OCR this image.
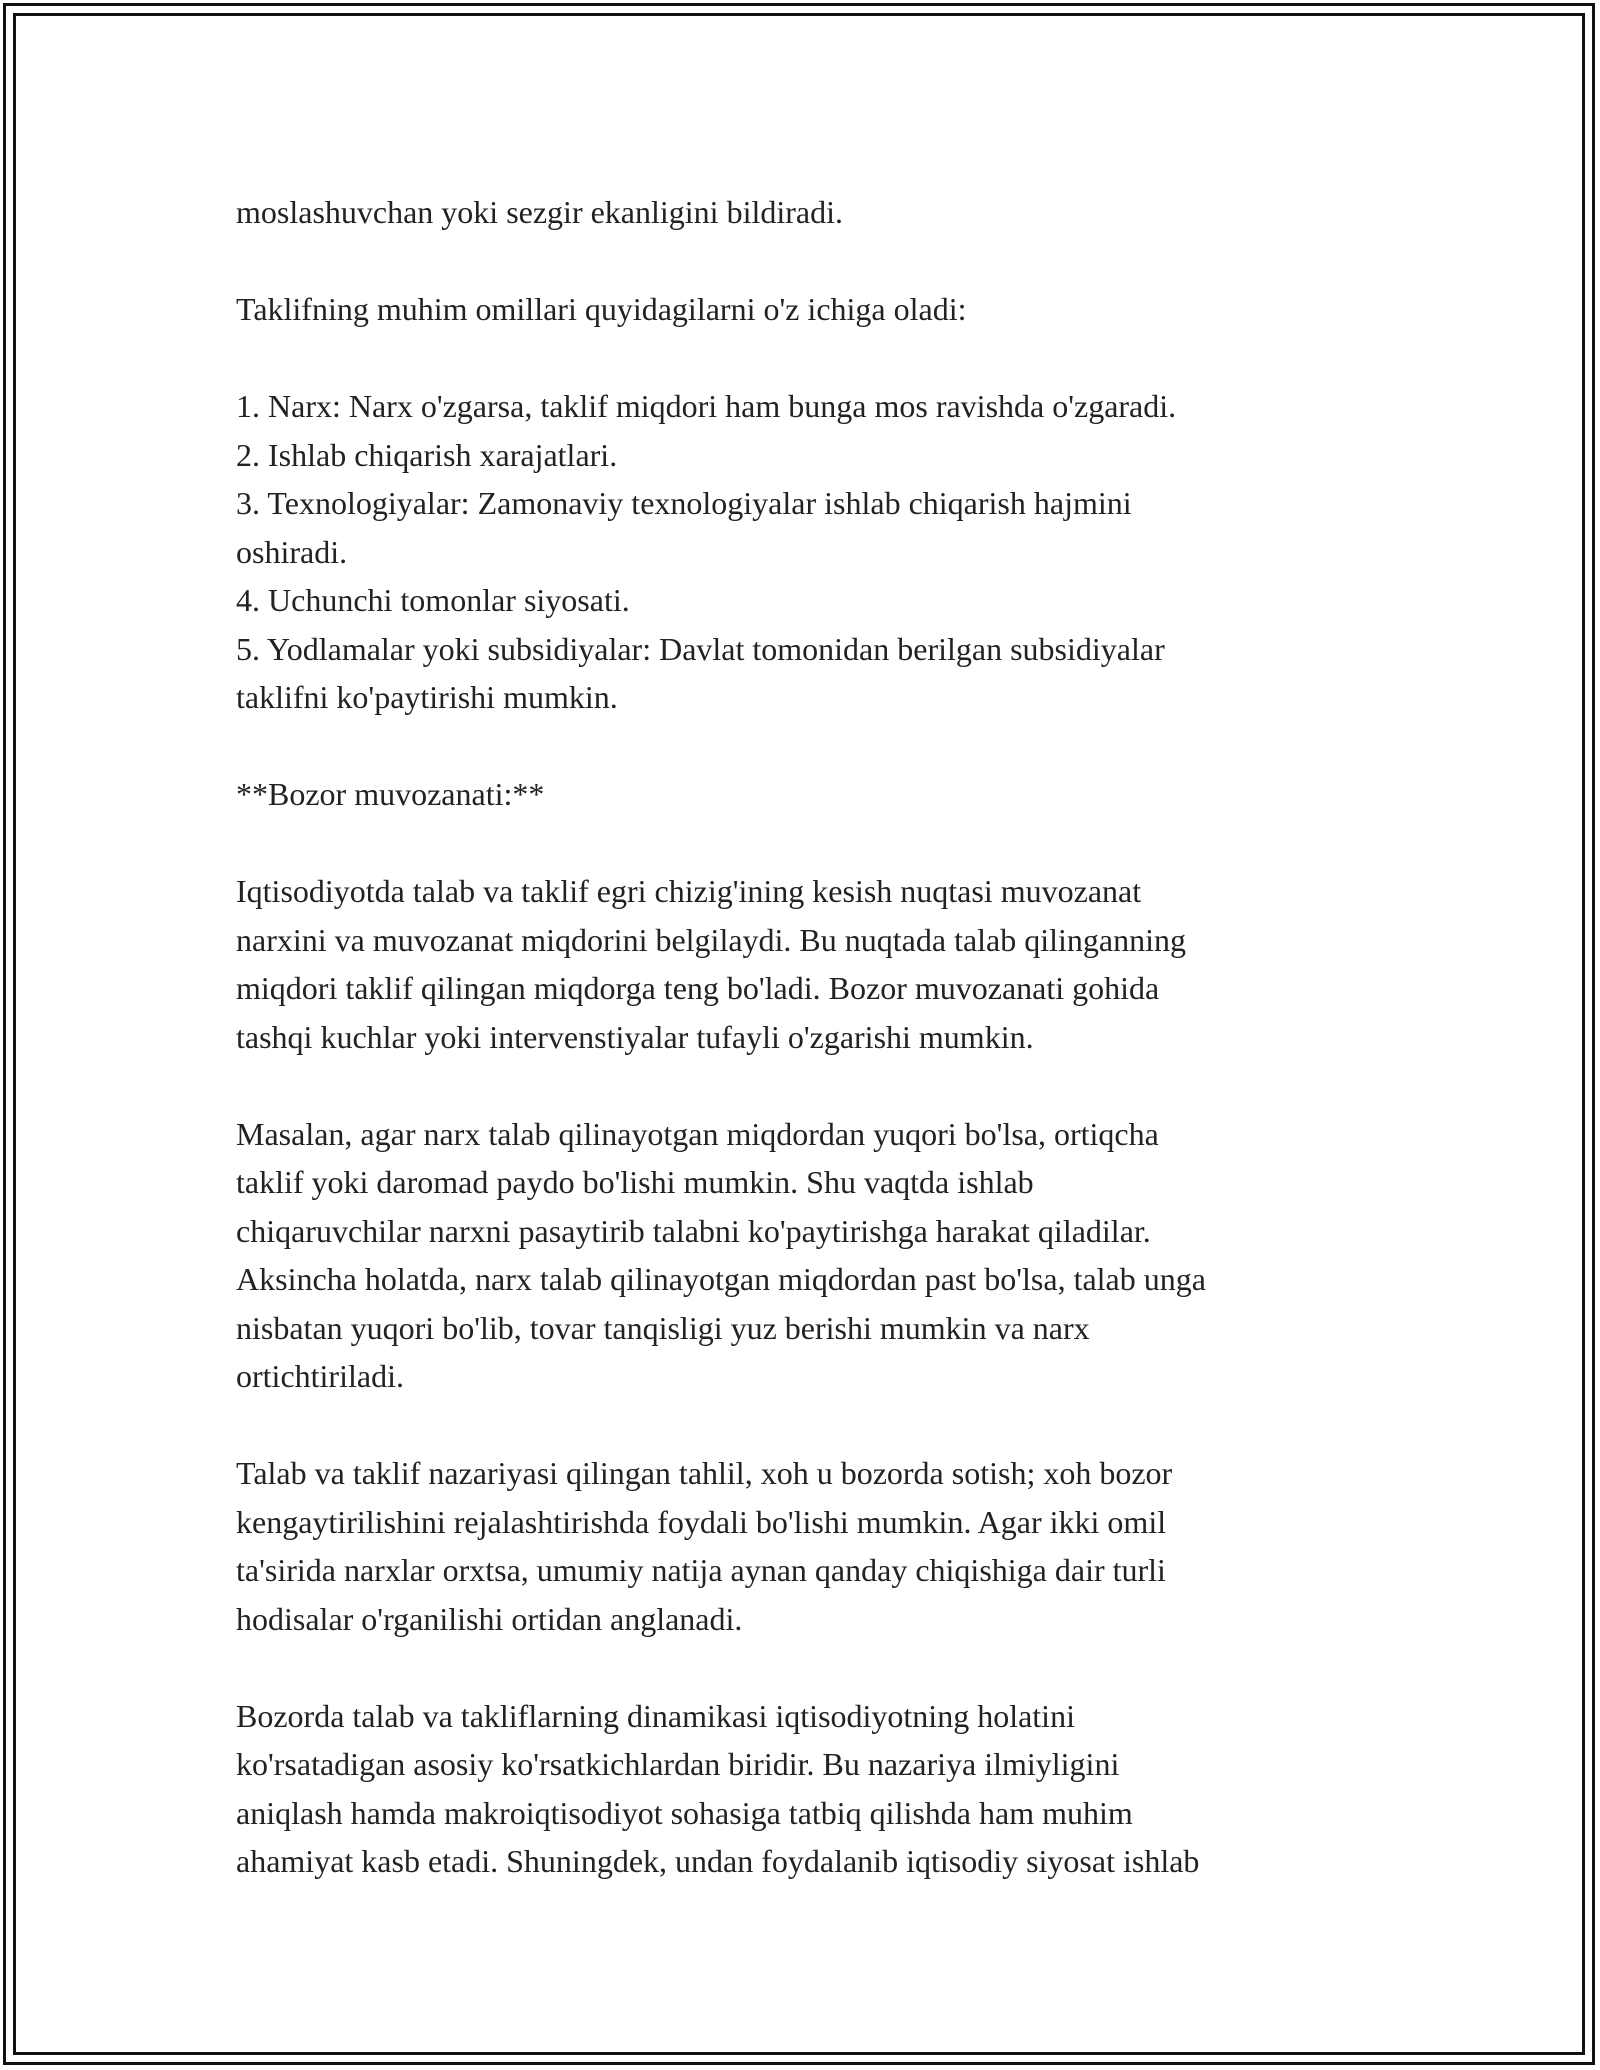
moslashuvchan yoki sezgir ekanligini bildiradi.
Taklifning muhim omillari quyidagilarni o'z ichiga oladi:
1. Narx: Narx o'zgarsa, taklif miqdori ham bunga mos ravishda o'zgaradi.
2. Ishlab chiqarish xarajatlari.
3. Texnologiyalar: Zamonaviy texnologiyalar ishlab chiqarish hajmini
oshiradi.
4. Uchunchi tomonlar siyosati.
5. Yodlamalar yoki subsidiyalar: Davlat tomonidan berilgan subsidiyalar
taklifni ko'paytirishi mumkin.
**Bozor muvozanati:**
Iqtisodiyotda talab va taklif egri chizig'ining kesish nuqtasi muvozanat
narxini va muvozanat miqdorini belgilaydi. Bu nuqtada talab qilinganning
miqdori taklif qilingan miqdorga teng bo'ladi. Bozor muvozanati gohida
tashqi kuchlar yoki intervenstiyalar tufayli o'zgarishi mumkin.
Masalan, agar narx talab qilinayotgan miqdordan yuqori bo'lsa, ortiqcha
taklif yoki daromad paydo bo'lishi mumkin. Shu vaqtda ishlab
chiqaruvchilar narxni pasaytirib talabni ko'paytirishga harakat qiladilar.
Aksincha holatda, narx talab qilinayotgan miqdordan past bo'lsa, talab unga
nisbatan yuqori bo'lib, tovar tanqisligi yuz berishi mumkin va narx
ortichtiriladi.
Talab va taklif nazariyasi qilingan tahlil, xoh u bozorda sotish; xoh bozor
kengaytirilishini rejalashtirishda foydali bo'lishi mumkin. Agar ikki omil
ta'sirida narxlar orxtsa, umumiy natija aynan qanday chiqishiga dair turli
hodisalar o'rganilishi ortidan anglanadi.
Bozorda talab va takliflarning dinamikasi iqtisodiyotning holatini
ko'rsatadigan asosiy ko'rsatkichlardan biridir. Bu nazariya ilmiyligini
aniqlash hamda makroiqtisodiyot sohasiga tatbiq qilishda ham muhim
ahamiyat kasb etadi. Shuningdek, undan foydalanib iqtisodiy siyosat ishlab
